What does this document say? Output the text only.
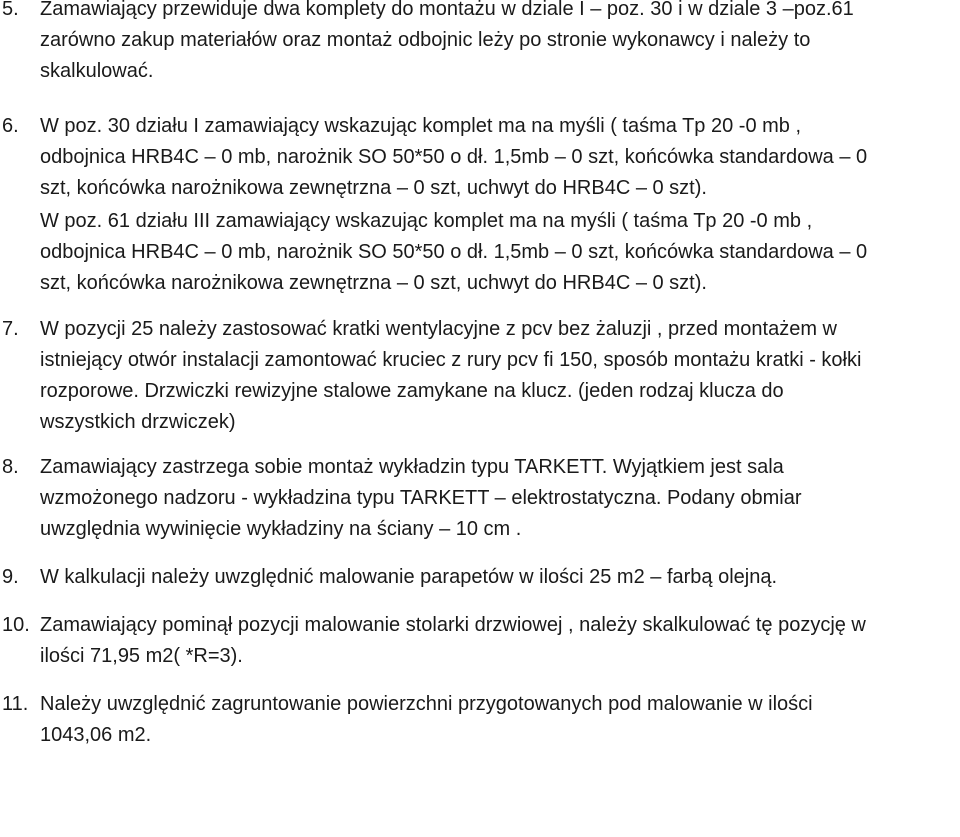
5. Zamawiający przewiduje dwa komplety do montażu w dziale I – poz. 30 i w dziale 3 –poz.61
zarówno zakup materiałów oraz montaż odbojnic leży po stronie wykonawcy i należy to
skalkulować.
6. W poz. 30 działu I zamawiający wskazując komplet ma na myśli ( taśma Tp 20 -0 mb ,
odbojnica HRB4C – 0 mb, narożnik SO 50*50 o dł. 1,5mb – 0 szt, końcówka standardowa – 0
szt, końcówka narożnikowa zewnętrzna – 0 szt, uchwyt do HRB4C – 0 szt).
W poz. 61 działu III zamawiający wskazując komplet ma na myśli ( taśma Tp 20 -0 mb ,
odbojnica HRB4C – 0 mb, narożnik SO 50*50 o dł. 1,5mb – 0 szt, końcówka standardowa – 0
szt, końcówka narożnikowa zewnętrzna – 0 szt, uchwyt do HRB4C – 0 szt).
7. W pozycji 25 należy zastosować kratki wentylacyjne z pcv bez żaluzji , przed montażem w
istniejący otwór instalacji zamontować kruciec z rury pcv fi 150, sposób montażu kratki - kołki
rozporowe. Drzwiczki rewizyjne stalowe zamykane na klucz. (jeden rodzaj klucza do
wszystkich drzwiczek)
8. Zamawiający zastrzega sobie montaż wykładzin typu TARKETT. Wyjątkiem jest sala
wzmożonego nadzoru - wykładzina typu TARKETT – elektrostatyczna. Podany obmiar
uwzględnia wywinięcie wykładziny na ściany – 10 cm .
9. W kalkulacji należy uwzględnić malowanie parapetów w ilości 25 m2 – farbą olejną.
10. Zamawiający pominął pozycji malowanie stolarki drzwiowej , należy skalkulować tę pozycję w
ilości 71,95 m2( *R=3).
11. Należy uwzględnić zagruntowanie powierzchni przygotowanych pod malowanie w ilości
1043,06 m2.
